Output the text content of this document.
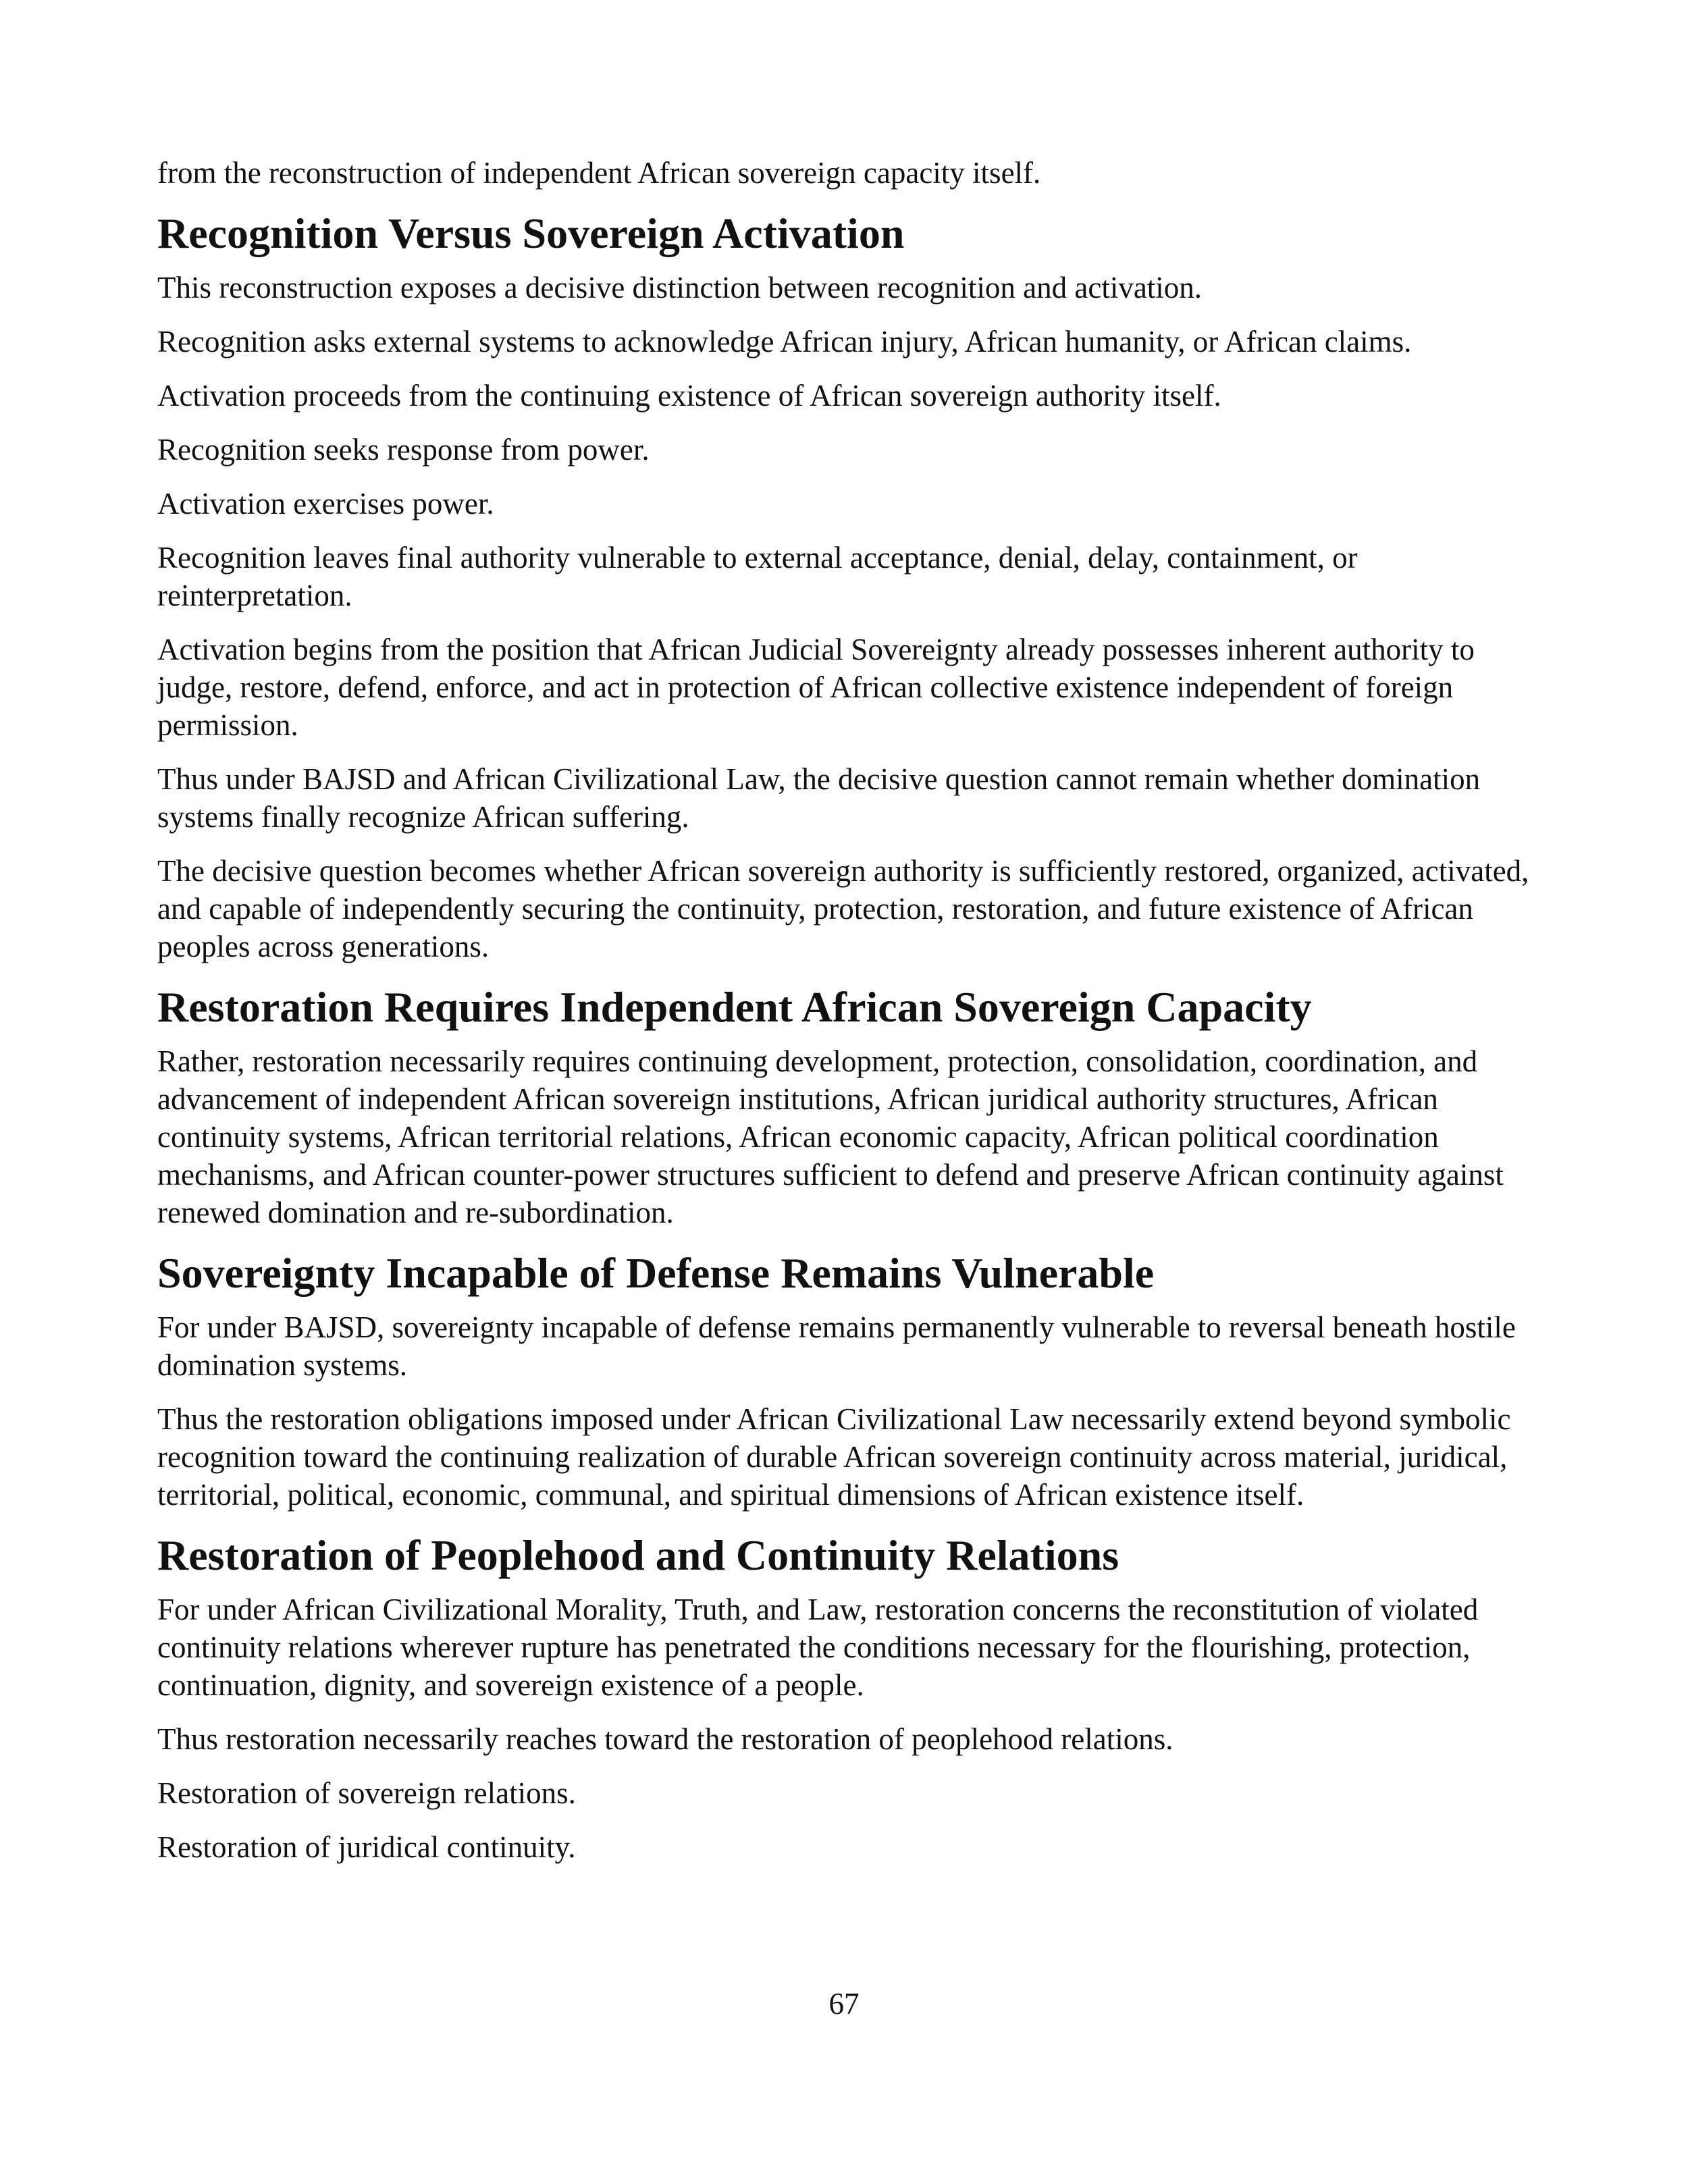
from the reconstruction of independent African sovereign capacity itself.

Recognition Versus Sovereign Activation

This reconstruction exposes a decisive distinction between recognition and activation.

Recognition asks external systems to acknowledge African injury, African humanity, or African claims.

Activation proceeds from the continuing existence of African sovereign authority itself.

Recognition seeks response from power.

Activation exercises power.

Recognition leaves final authority vulnerable to external acceptance, denial, delay, containment, or reinterpretation.

Activation begins from the position that African Judicial Sovereignty already possesses inherent authority to judge, restore, defend, enforce, and act in protection of African collective existence independent of foreign permission.

Thus under BAJSD and African Civilizational Law, the decisive question cannot remain whether domination systems finally recognize African suffering.

The decisive question becomes whether African sovereign authority is sufficiently restored, organized, activated, and capable of independently securing the continuity, protection, restoration, and future existence of African peoples across generations.

Restoration Requires Independent African Sovereign Capacity

Rather, restoration necessarily requires continuing development, protection, consolidation, coordination, and advancement of independent African sovereign institutions, African juridical authority structures, African continuity systems, African territorial relations, African economic capacity, African political coordination mechanisms, and African counter-power structures sufficient to defend and preserve African continuity against renewed domination and re-subordination.

Sovereignty Incapable of Defense Remains Vulnerable

For under BAJSD, sovereignty incapable of defense remains permanently vulnerable to reversal beneath hostile domination systems.

Thus the restoration obligations imposed under African Civilizational Law necessarily extend beyond symbolic recognition toward the continuing realization of durable African sovereign continuity across material, juridical, territorial, political, economic, communal, and spiritual dimensions of African existence itself.

Restoration of Peoplehood and Continuity Relations

For under African Civilizational Morality, Truth, and Law, restoration concerns the reconstitution of violated continuity relations wherever rupture has penetrated the conditions necessary for the flourishing, protection, continuation, dignity, and sovereign existence of a people.

Thus restoration necessarily reaches toward the restoration of peoplehood relations.

Restoration of sovereign relations.

Restoration of juridical continuity.

67
